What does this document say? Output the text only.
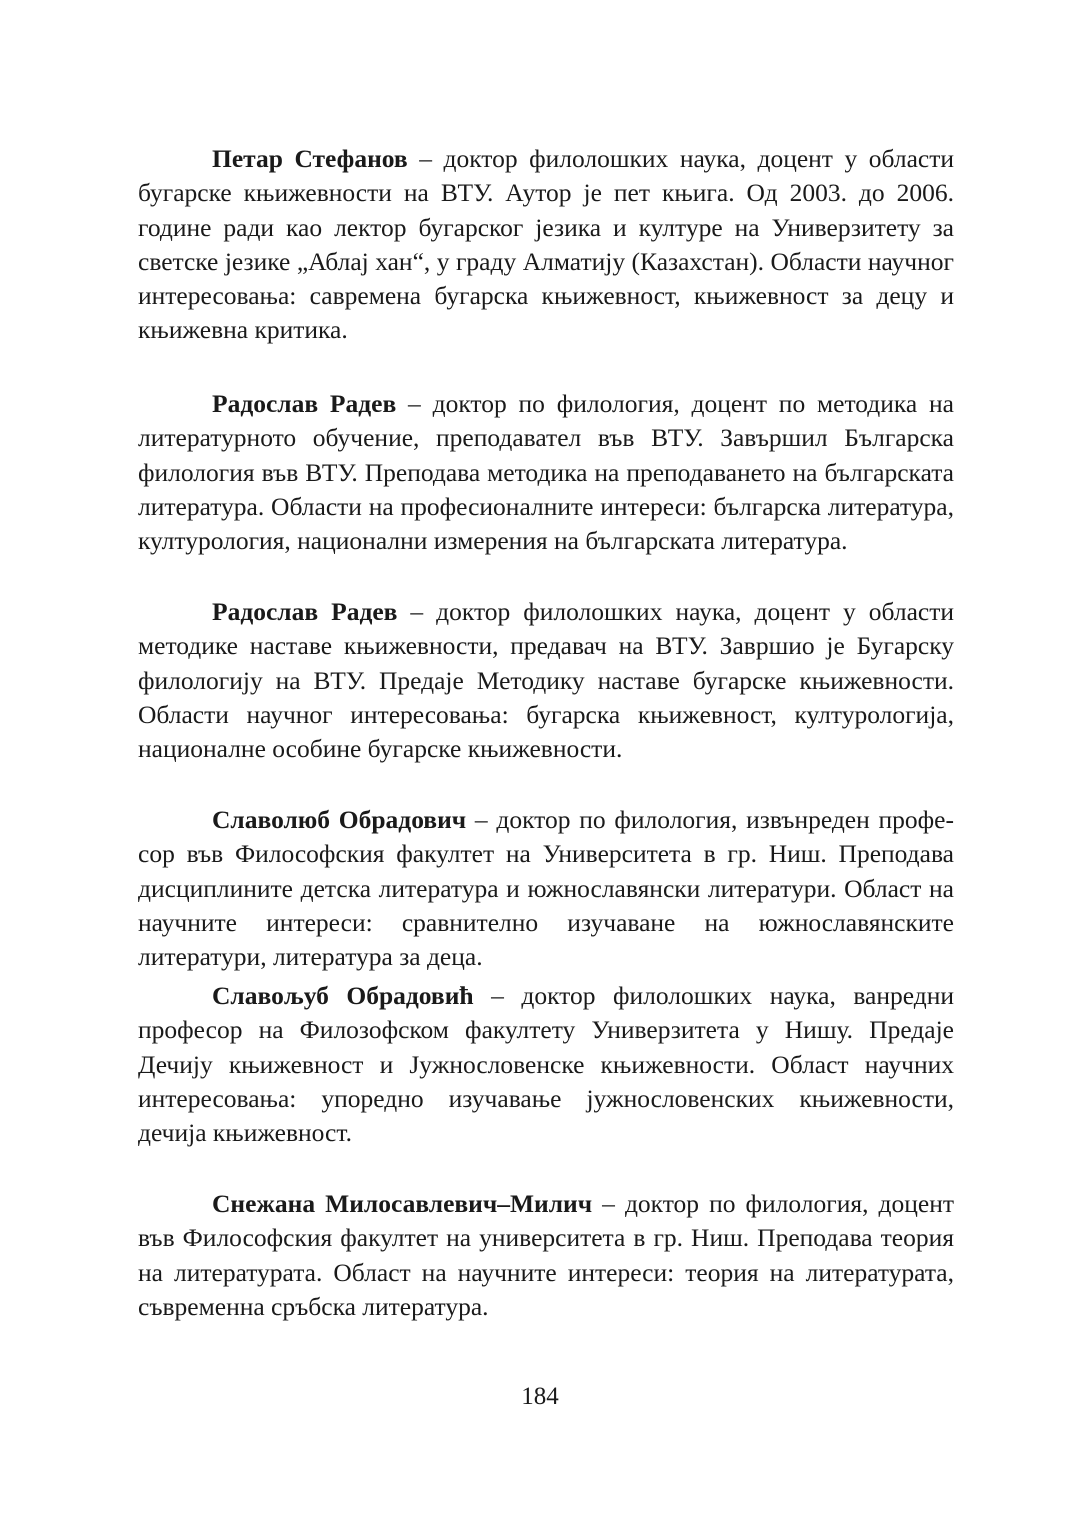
Петар Стефанов – доктор филолошких наука, доцент у области бугарске књижевности на ВТУ. Аутор је пет књига. Од 2003. до 2006. године ради као лектор бугарског језика и културе на Универзитету за светске језике „Аблај хан“, у граду Алматију (Казахстан). Области научног интересовања: савремена бугарска књижевност, књижевност за децу и књижевна критика.

Радослав Радев – доктор по филология, доцент по методика на литературното обучение, преподавател във ВТУ. Завършил Българска филология във ВТУ. Преподава методика на преподаването на българската литература. Области на професионалните интереси: българска литература, културология, национални измерения на българската литература.

Радослав Радев – доктор филолошких наука, доцент у области методике наставе књижевности, предавач на ВТУ. Завршио је Бугарску филологију на ВТУ. Предаје Методику наставе бугарске књижевности. Области научног интересовања: бугарска књижевност, културологија, националне особине бугарске књижевности.

Славолюб Обрадович – доктор по филология, извънреден професор във Философския факултет на Университета в гр. Ниш. Преподава дисциплините детска литература и южнославянски литератури. Област на научните интереси: сравнително изучаване на южнославянските литератури, литература за деца.

Славољуб Обрадовић – доктор филолошких наука, ванредни професор на Филозофском факултету Универзитета у Нишу. Предаје Дечију књижевност и Јужнословенске књижевности. Област научних интересовања: упоредно изучавање јужнословенских књижевности, дечија књижевност.

Снежана Милосавлевич–Милич – доктор по филология, доцент във Философския факултет на университета в гр. Ниш. Преподава теория на литературата. Област на научните интереси: теория на литературата, съвременна сръбска литература.

184
